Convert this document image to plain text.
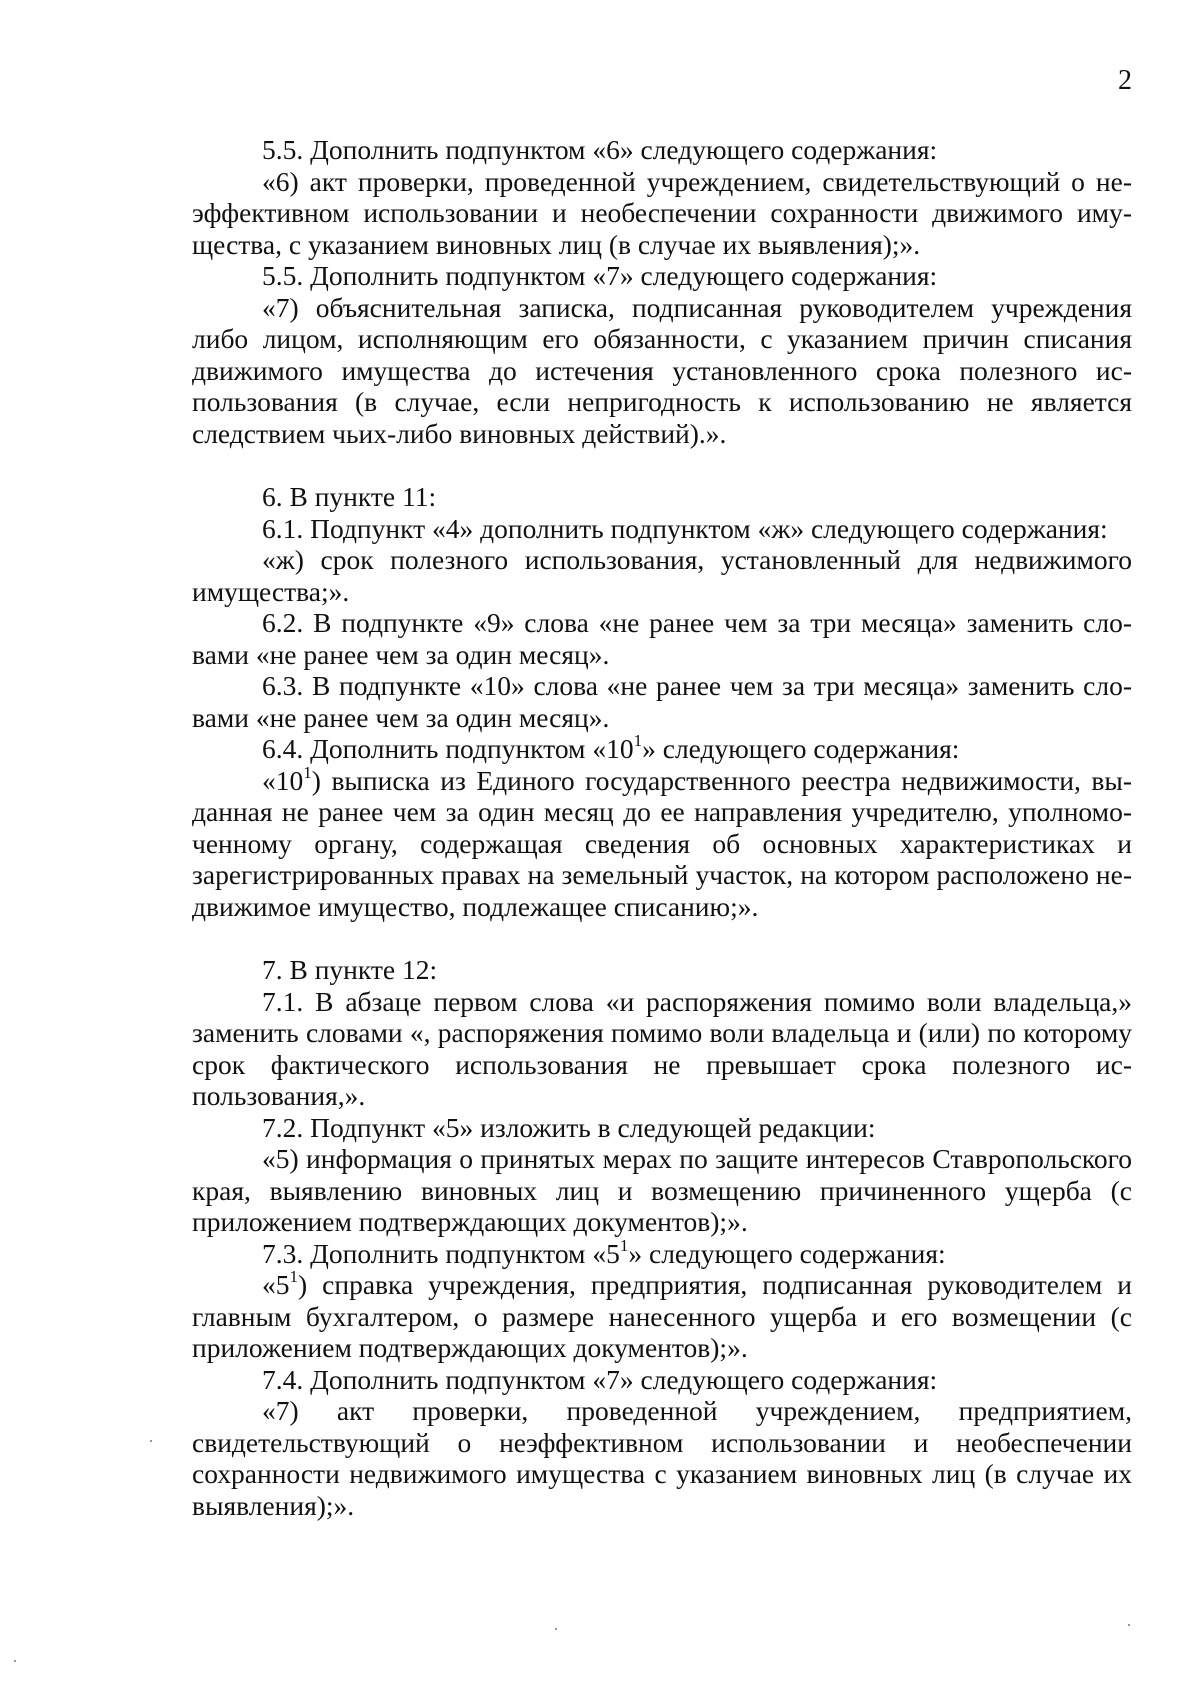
2

5.5. Дополнить подпунктом «6» следующего содержания:

«6) акт проверки, проведенной учреждением, свидетельствующий о неэффективном использовании и необеспечении сохранности движимого имущества, с указанием виновных лиц (в случае их выявления);».

5.5. Дополнить подпунктом «7» следующего содержания:

«7) объяснительная записка, подписанная руководителем учреждения либо лицом, исполняющим его обязанности, с указанием причин списания движимого имущества до истечения установленного срока полезного использования (в случае, если непригодность к использованию не является следствием чьих-либо виновных действий).».

6. В пункте 11:

6.1. Подпункт «4» дополнить подпунктом «ж» следующего содержания:

«ж) срок полезного использования, установленный для недвижимого имущества;».

6.2. В подпункте «9» слова «не ранее чем за три месяца» заменить словами «не ранее чем за один месяц».

6.3. В подпункте «10» слова «не ранее чем за три месяца» заменить словами «не ранее чем за один месяц».

6.4. Дополнить подпунктом «$10^1$» следующего содержания:

«$10^1$) выписка из Единого государственного реестра недвижимости, выданная не ранее чем за один месяц до ее направления учредителю, уполномоченному органу, содержащая сведения об основных характеристиках и зарегистрированных правах на земельный участок, на котором расположено не-движимое имущество, подлежащее списанию;».

7. В пункте 12:

7.1. В абзаце первом слова «и распоряжения помимо воли владельца,» заменить словами «, распоряжения помимо воли владельца и (или) по которому срок фактического использования не превышает срока полезного использования,».

7.2. Подпункт «5» изложить в следующей редакции:

«5) информация о принятых мерах по защите интересов Ставропольского края, выявлению виновных лиц и возмещению причиненного ущерба (с приложением подтверждающих документов);».

7.3. Дополнить подпунктом «$5^1$» следующего содержания:

«$5^1$) справка учреждения, предприятия, подписанная руководителем и главным бухгалтером, о размере нанесенного ущерба и его возмещении (с приложением подтверждающих документов);».

7.4. Дополнить подпунктом «7» следующего содержания:

«7) акт проверки, проведенной учреждением, предприятием, свидетельствующий о неэффективном использовании и необеспечении сохранности недвижимого имущества с указанием виновных лиц (в случае их выявления);».
